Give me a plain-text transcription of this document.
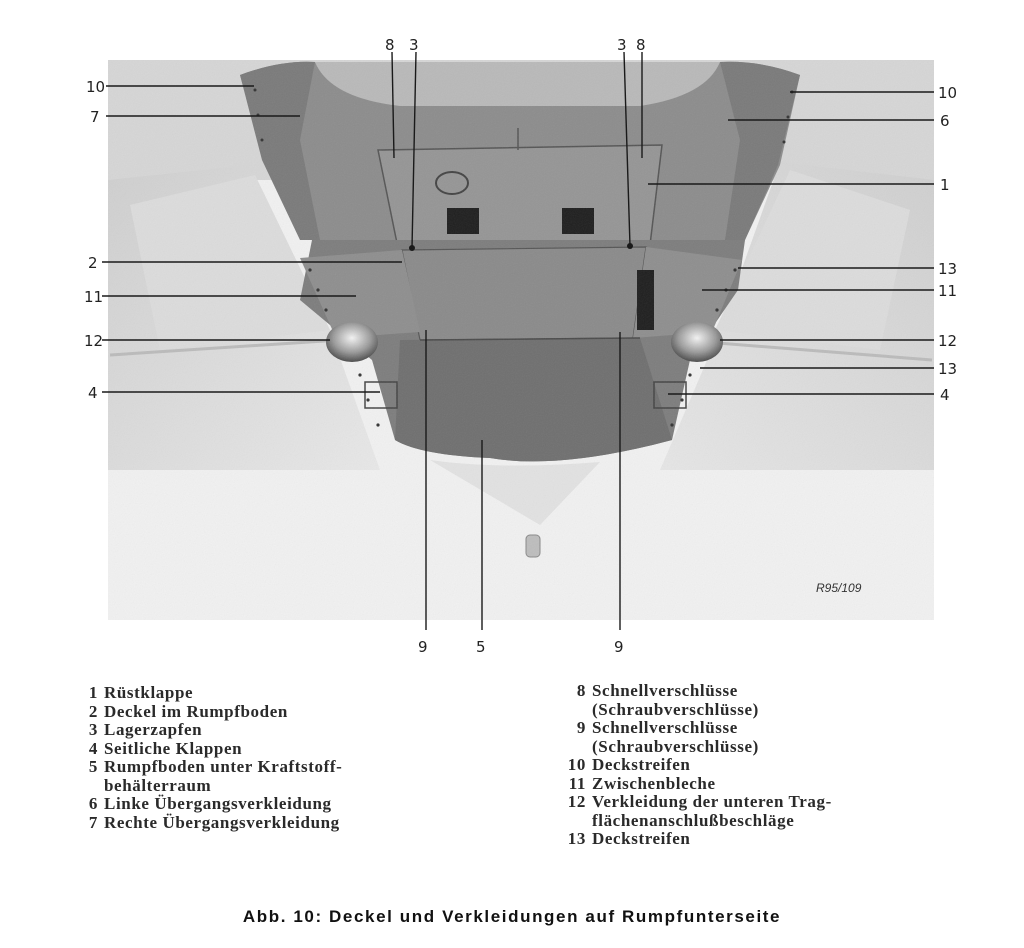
8 3	3 8
10
7
10
6
1
2	13
11	11
12	12
13
4	4
9	5	9
R95/109
1 Rüstklappe
2 Deckel im Rumpfboden
3 Lagerzapfen
4 Seitliche Klappen
5 Rumpfboden unter Kraftstoff-
behälterraum
6 Linke Übergangsverkleidung
7 Rechte Übergangsverkleidung
8 Schnellverschlüsse
(Schraubverschlüsse)
9 Schnellverschlüsse
(Schraubverschlüsse)
10 Deckstreifen
11 Zwischenbleche
12 Verkleidung der unteren Trag-
flächenanschlußbeschläge
13 Deckstreifen
Abb. 10: Deckel und Verkleidungen auf Rumpfunterseite
